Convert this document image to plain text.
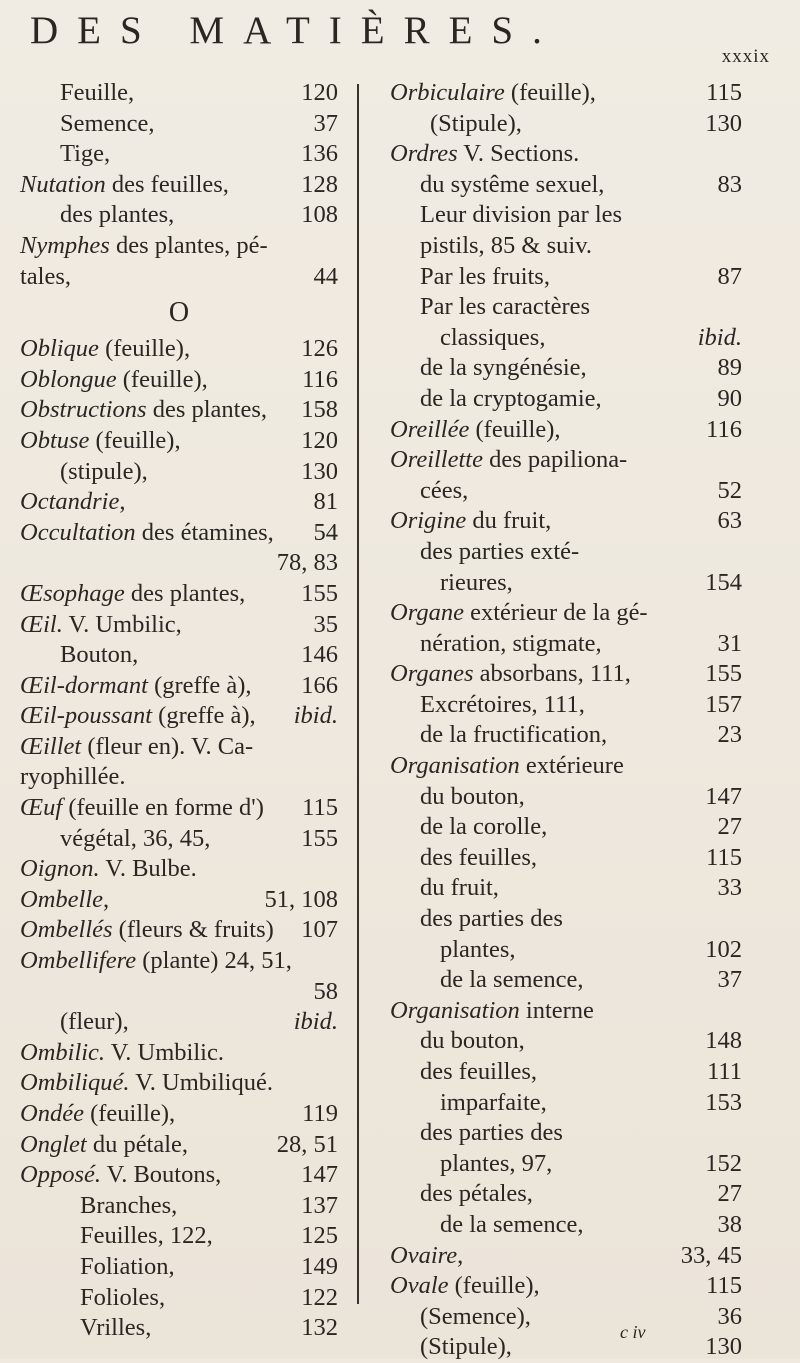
DES MATIÈRES.
xxxix
Feuille,	120
Semence,	37
Tige,	136
Nutation des feuilles,	128
des plantes,	108
Nymphes des plantes, pé-
tales,	44
O
Oblique (feuille),	126
Oblongue (feuille),	116
Obstructions des plantes, 158
Obtuse (feuille),	120
(stipule),	130
Octandrie,	81
Occultation des étamines, 54
78, 83
Œsophage des plantes, 155
Œil. V. Umbilic,	35
Bouton,	146
Œil-dormant (greffe à), 166
Œil-poussant (greffe à), ibid.
Œillet (fleur en). V. Ca-
ryophillée.
Œuf (feuille en forme d') 115
végétal, 36, 45,	155
Oignon. V. Bulbe.
Ombelle,	51, 108
Ombellés (fleurs & fruits) 107
Ombellifere (plante) 24, 51,
58
(fleur),	ibid.
Ombilic. V. Umbilic.
Ombiliqué. V. Umbiliqué.
Ondée (feuille),	119
Onglet du pétale,	28, 51
Opposé. V. Boutons,	147
Branches,	137
Feuilles, 122,	125
Foliation,	149
Folioles,	122
Vrilles,	132
Orbiculaire (feuille),	115
(Stipule),	130
Ordres V. Sections.
du systême sexuel,	83
Leur division par les
pistils, 85 & suiv.
Par les fruits,	87
Par les caractères
classiques,	ibid.
de la syngénésie,	89
de la cryptogamie,	90
Oreillée (feuille),	116
Oreillette des papiliona-
cées,	52
Origine du fruit,	63
des parties exté-
rieures,	154
Organe extérieur de la gé-
nération, stigmate,	31
Organes absorbans, 111,	155
Excrétoires, 111,	157
de la fructification,	23
Organisation extérieure
du bouton,	147
de la corolle,	27
des feuilles,	115
du fruit,	33
des parties des
plantes,	102
de la semence,	37
Organisation interne
du bouton,	148
des feuilles,	111
imparfaite,	153
des parties des
plantes, 97,	152
des pétales,	27
de la semence,	38
Ovaire,	33, 45
Ovale (feuille),	115
(Semence),	36
(Stipule),	130
c iv
